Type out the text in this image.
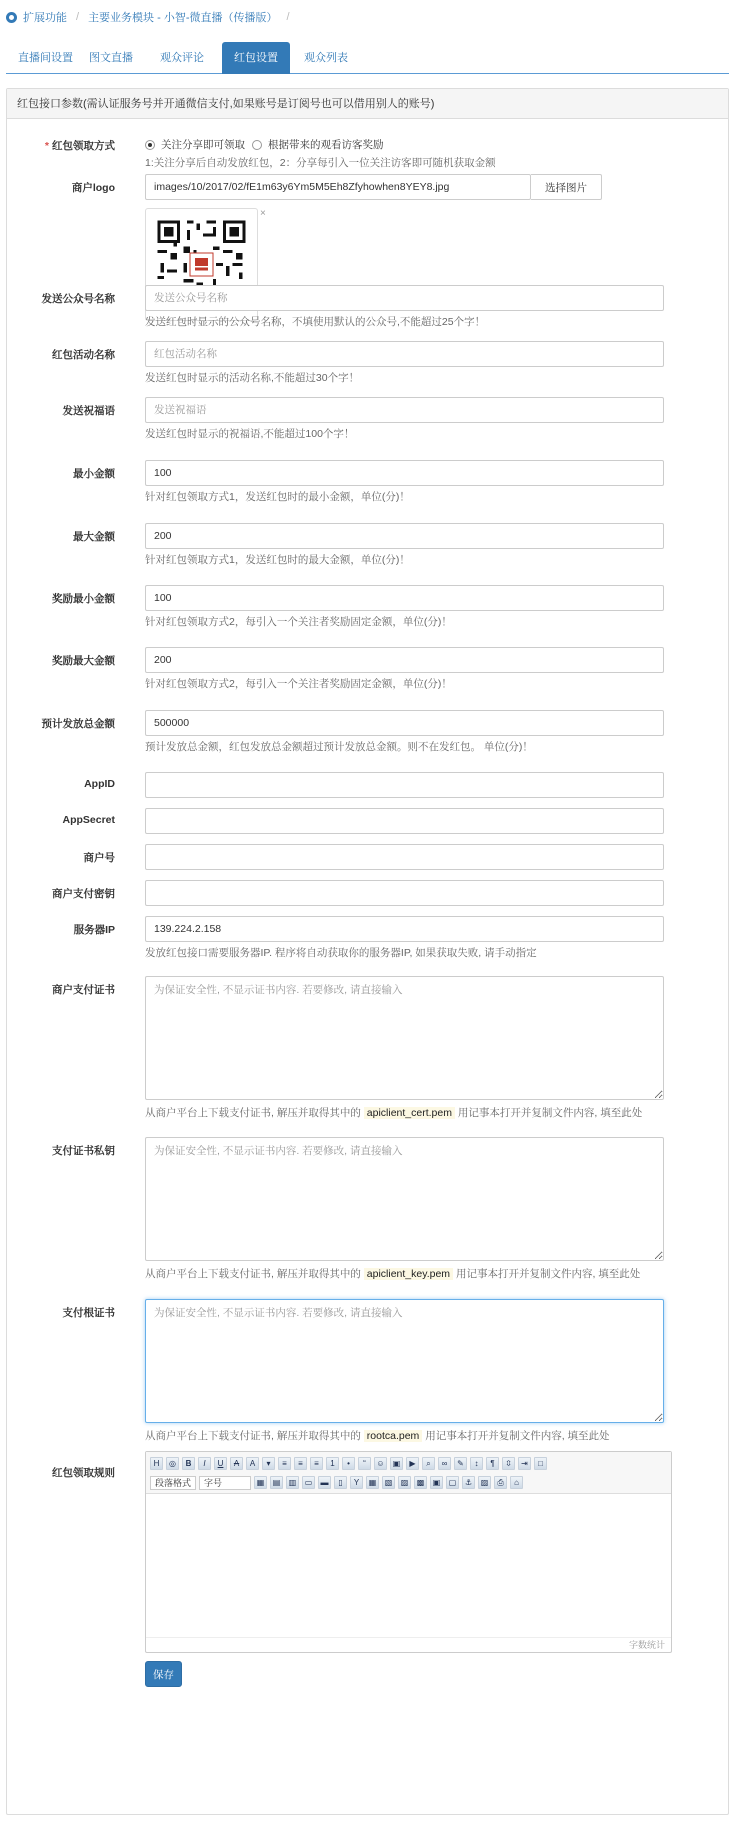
扩展功能 / 主要业务模块 - 小智-微直播（传播版） /
直播间设置	图文直播	观众评论	红包设置	观众列表
红包接口参数(需认证服务号并开通微信支付,如果账号是订阅号也可以借用别人的账号)
* 红包领取方式	关注分享即可领取 根据带来的观看访客奖励
1:关注分享后自动发放红包，2：分享每引入一位关注访客即可随机获取金额
商户logo
images/10/2017/02/fE1m63y6Ym5M5Eh8Zfyhowhen8YEY8.jpg	选择图片
×
发送公众号名称
发送公众号名称
发送红包时显示的公众号名称，不填使用默认的公众号,不能超过25个字！
红包活动名称
红包活动名称
发送红包时显示的活动名称,不能超过30个字！
发送祝福语
发送祝福语
发送红包时显示的祝福语,不能超过100个字！
最小金额
100
针对红包领取方式1，发送红包时的最小金额，单位(分)！
最大金额
200
针对红包领取方式1，发送红包时的最大金额，单位(分)！
奖励最小金额
100
针对红包领取方式2，每引入一个关注者奖励固定金额，单位(分)！
奖励最大金额
200
针对红包领取方式2，每引入一个关注者奖励固定金额，单位(分)！
预计发放总金额
500000
预计发放总金额，红包发放总金额超过预计发放总金额。则不在发红包。 单位(分)！
AppID
AppSecret
商户号
商户支付密钥
服务器IP
139.224.2.158
发放红包接口需要服务器IP. 程序将自动获取你的服务器IP, 如果获取失败, 请手动指定
商户支付证书
为保证安全性, 不显示证书内容. 若要修改, 请直接输入
从商户平台上下载支付证书, 解压并取得其中的 apiclient_cert.pem 用记事本打开并复制文件内容, 填至此处
支付证书私钥
为保证安全性, 不显示证书内容. 若要修改, 请直接输入
从商户平台上下载支付证书, 解压并取得其中的 apiclient_key.pem 用记事本打开并复制文件内容, 填至此处
支付根证书
为保证安全性, 不显示证书内容. 若要修改, 请直接输入
从商户平台上下载支付证书, 解压并取得其中的 rootca.pem 用记事本打开并复制文件内容, 填至此处
红包领取规则
H	◎	B I U A	A	▾	≡	≡	≡	1	•	“	☺	▣	▶	⌕	∞	✎	↕	¶	⇳	⇥	□
段落格式	字号	▦	▤	▥	▭	▬	▯	Y	▦	▧	▨	▩	▣	▢	⚓	▨	⎙	⌂
字数统计
保存
